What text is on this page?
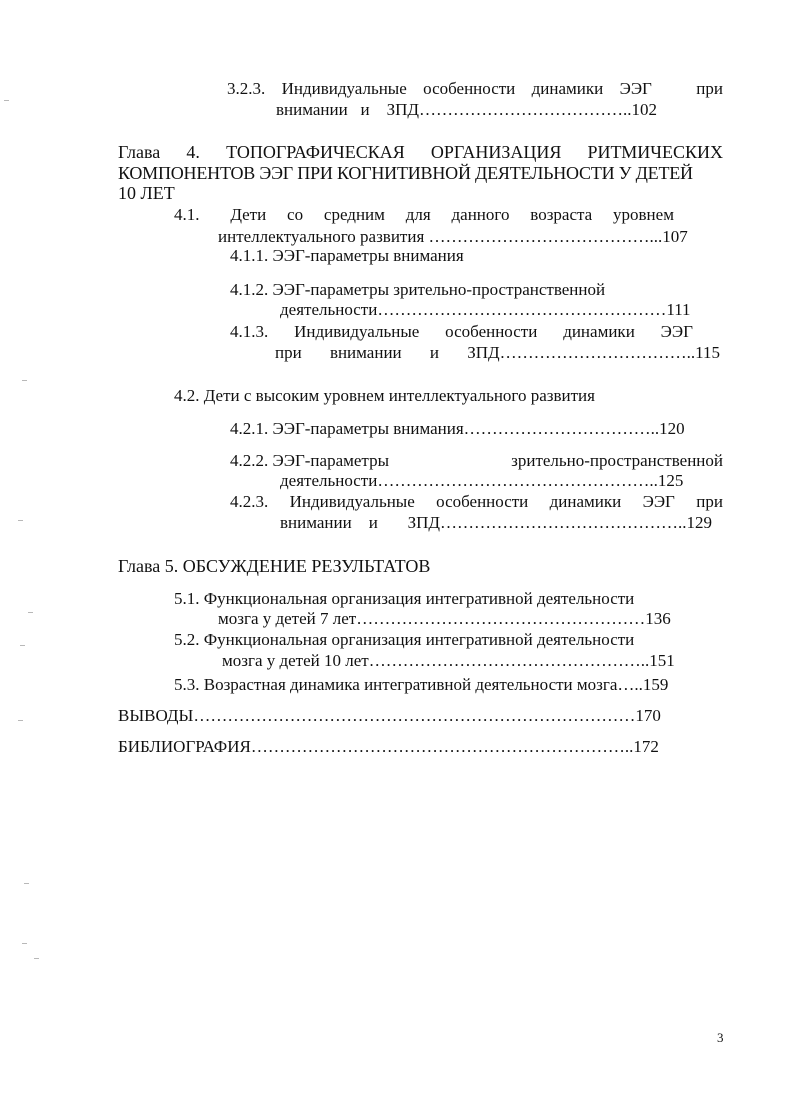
3.2.3. Индивидуальные особенности динамики ЭЭГ	при
внимании и ЗПД………………………………..102
Глава 4. ТОПОГРАФИЧЕСКАЯ ОРГАНИЗАЦИЯ РИТМИЧЕСКИХ
КОМПОНЕНТОВ ЭЭГ ПРИ КОГНИТИВНОЙ ДЕЯТЕЛЬНОСТИ У ДЕТЕЙ
10 ЛЕТ
4.1. Дети со средним для данного возраста уровнем
интеллектуального развития …………………………………...107
4.1.1. ЭЭГ-параметры внимания
4.1.2. ЭЭГ-параметры зрительно-пространственной
деятельности……………………………………………111
4.1.3. Индивидуальные особенности динамики ЭЭГ
при внимании и ЗПД……………………………..115
4.2. Дети с высоким уровнем интеллектуального развития
4.2.1. ЭЭГ-параметры внимания……………………………..120
4.2.2. ЭЭГ-параметры	зрительно-пространственной
деятельности…………………………………………..125
4.2.3. Индивидуальные особенности динамики ЭЭГ при
внимании и ЗПД……………………………………..129
Глава 5. ОБСУЖДЕНИЕ РЕЗУЛЬТАТОВ
5.1. Функциональная организация интегративной деятельности
мозга у детей 7 лет……………………………………………136
5.2. Функциональная организация интегративной деятельности
мозга у детей 10 лет…………………………………………..151
5.3. Возрастная динамика интегративной деятельности мозга…..159
ВЫВОДЫ……………………………………………………………………170
БИБЛИОГРАФИЯ…………………………………………………………..172
3
